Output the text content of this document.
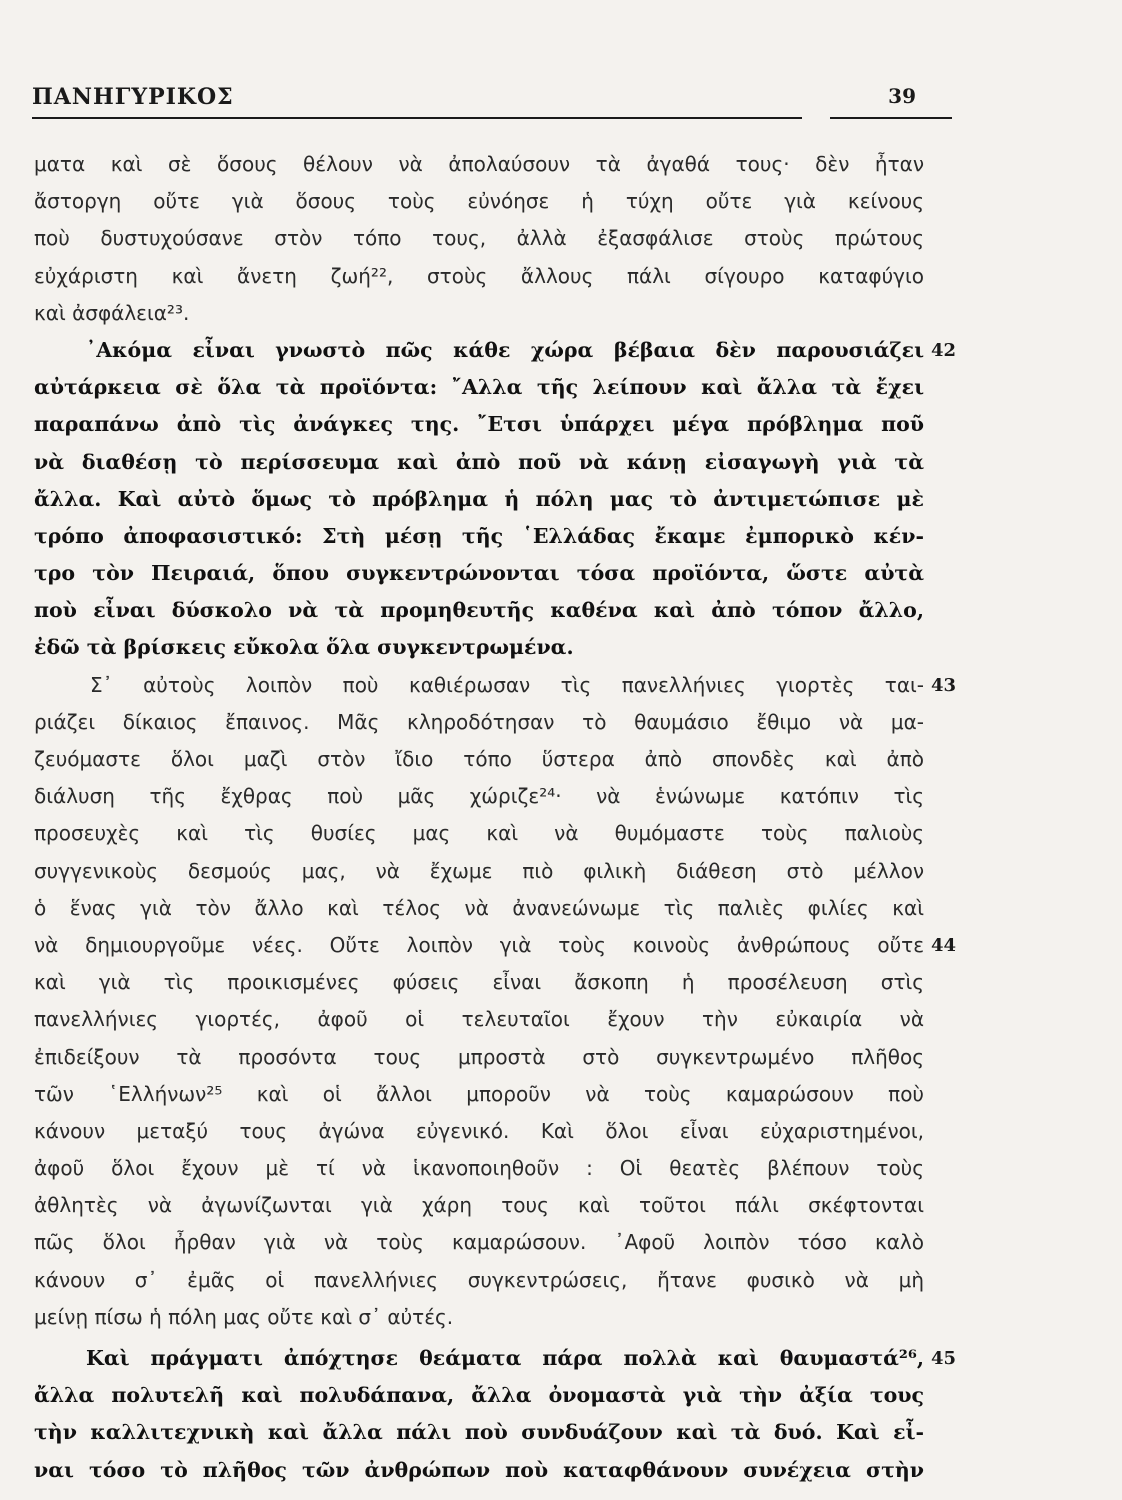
ΠΑΝΗΓΥΡΙΚΟΣ	39
ματα καὶ σὲ ὅσους θέλουν νὰ ἀπολαύσουν τὰ ἀγαθά τους· δὲν ἦταν
ἄστοργη οὔτε γιὰ ὅσους τοὺς εὐνόησε ἡ τύχη οὔτε γιὰ κείνους
ποὺ δυστυχούσανε στὸν τόπο τους, ἀλλὰ ἐξασφάλισε στοὺς πρώτους
εὐχάριστη καὶ ἄνετη ζωή²², στοὺς ἄλλους πάλι σίγουρο καταφύγιο
καὶ ἀσφάλεια²³.
᾿Ακόμα εἶναι γνωστὸ πῶς κάθε χώρα βέβαια δὲν παρουσιάζει 42
αὐτάρκεια σὲ ὅλα τὰ προϊόντα: ῎Αλλα τῆς λείπουν καὶ ἄλλα τὰ ἔχει
παραπάνω ἀπὸ τὶς ἀνάγκες της. ῎Ετσι ὑπάρχει μέγα πρόβλημα ποῦ
νὰ διαθέσῃ τὸ περίσσευμα καὶ ἀπὸ ποῦ νὰ κάνῃ εἰσαγωγὴ γιὰ τὰ
ἄλλα. Καὶ αὐτὸ ὅμως τὸ πρόβλημα ἡ πόλη μας τὸ ἀντιμετώπισε μὲ
τρόπο ἀποφασιστικό: Στὴ μέσῃ τῆς ῾Ελλάδας ἔκαμε ἐμπορικὸ κέν-
τρο τὸν Πειραιά, ὅπου συγκεντρώνονται τόσα προϊόντα, ὥστε αὐτὰ
ποὺ εἶναι δύσκολο νὰ τὰ προμηθευτῆς καθένα καὶ ἀπὸ τόπον ἄλλο,
ἐδῶ τὰ βρίσκεις εὔκολα ὅλα συγκεντρωμένα.
Σ᾿ αὐτοὺς λοιπὸν ποὺ καθιέρωσαν τὶς πανελλήνιες γιορτὲς ται- 43
ριάζει δίκαιος ἔπαινος. Μᾶς κληροδότησαν τὸ θαυμάσιο ἔθιμο νὰ μα-
ζευόμαστε ὅλοι μαζὶ στὸν ἴδιο τόπο ὕστερα ἀπὸ σπονδὲς καὶ ἀπὸ
διάλυση τῆς ἔχθρας ποὺ μᾶς χώριζε²⁴· νὰ ἑνώνωμε κατόπιν τὶς
προσευχὲς καὶ τὶς θυσίες μας καὶ νὰ θυμόμαστε τοὺς παλιοὺς
συγγενικοὺς δεσμούς μας, νὰ ἔχωμε πιὸ φιλικὴ διάθεση στὸ μέλλον
ὁ ἕνας γιὰ τὸν ἄλλο καὶ τέλος νὰ ἀνανεώνωμε τὶς παλιὲς φιλίες καὶ
νὰ δημιουργοῦμε νέες. Οὔτε λοιπὸν γιὰ τοὺς κοινοὺς ἀνθρώπους οὔτε 44
καὶ γιὰ τὶς προικισμένες φύσεις εἶναι ἄσκοπη ἡ προσέλευση στὶς
πανελλήνιες γιορτές, ἀφοῦ οἱ τελευταῖοι ἔχουν τὴν εὐκαιρία νὰ
ἐπιδείξουν τὰ προσόντα τους μπροστὰ στὸ συγκεντρωμένο πλῆθος
τῶν ῾Ελλήνων²⁵ καὶ οἱ ἄλλοι μποροῦν νὰ τοὺς καμαρώσουν ποὺ
κάνουν μεταξύ τους ἀγώνα εὐγενικό. Καὶ ὅλοι εἶναι εὐχαριστημένοι,
ἀφοῦ ὅλοι ἔχουν μὲ τί νὰ ἱκανοποιηθοῦν : Οἱ θεατὲς βλέπουν τοὺς
ἀθλητὲς νὰ ἀγωνίζωνται γιὰ χάρη τους καὶ τοῦτοι πάλι σκέφτονται
πῶς ὅλοι ἦρθαν γιὰ νὰ τοὺς καμαρώσουν. ᾿Αφοῦ λοιπὸν τόσο καλὸ
κάνουν σ᾿ ἐμᾶς οἱ πανελλήνιες συγκεντρώσεις, ἤτανε φυσικὸ νὰ μὴ
μείνῃ πίσω ἡ πόλη μας οὔτε καὶ σ᾿ αὐτές.
Καὶ πράγματι ἀπόχτησε θεάματα πάρα πολλὰ καὶ θαυμαστά²⁶, 45
ἄλλα πολυτελῆ καὶ πολυδάπανα, ἄλλα ὀνομαστὰ γιὰ τὴν ἀξία τους
τὴν καλλιτεχνικὴ καὶ ἄλλα πάλι ποὺ συνδυάζουν καὶ τὰ δυό. Καὶ εἶ-
ναι τόσο τὸ πλῆθος τῶν ἀνθρώπων ποὺ καταφθάνουν συνέχεια στὴν
